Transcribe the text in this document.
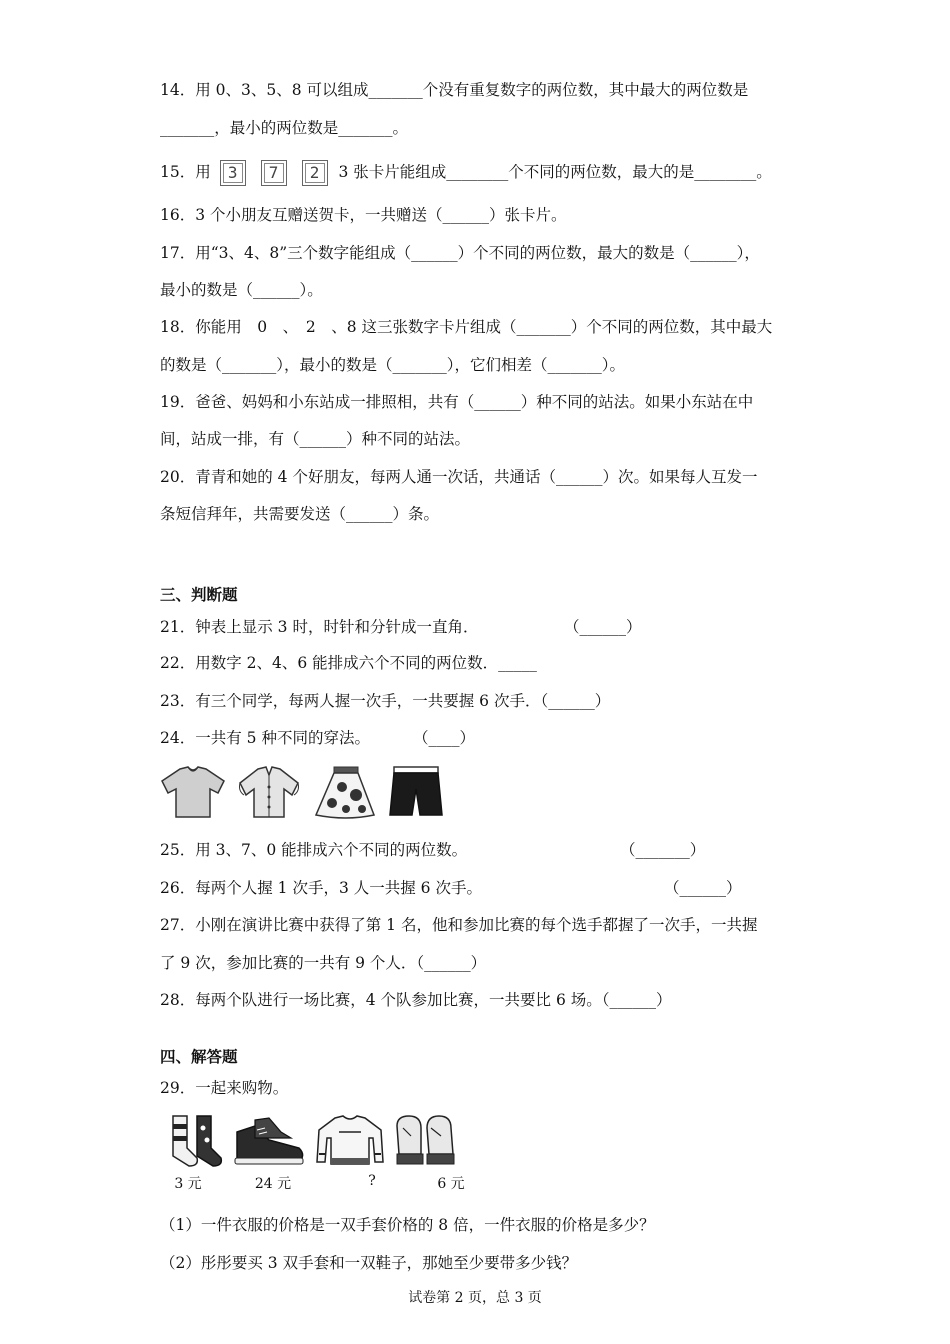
14．用 0、3、5、8 可以组成_______个没有重复数字的两位数，其中最大的两位数是
_______，最小的两位数是_______。
15．用 3 7 2 3 张卡片能组成________个不同的两位数，最大的是________。
16．3 个小朋友互赠送贺卡，一共赠送（______）张卡片。
17．用“3、4、8”三个数字能组成（______）个不同的两位数，最大的数是（______），
最小的数是（______）。
18．你能用　0　、　2　、8 这三张数字卡片组成（_______）个不同的两位数，其中最大
的数是（_______），最小的数是（_______），它们相差（_______）。
19．爸爸、妈妈和小东站成一排照相，共有（______）种不同的站法。如果小东站在中
间，站成一排，有（______）种不同的站法。
20．青青和她的 4 个好朋友，每两人通一次话，共通话（______）次。如果每人互发一
条短信拜年，共需要发送（______）条。
三、判断题
21．钟表上显示 3 时，时针和分针成一直角．	（______）
22．用数字 2、4、6 能排成六个不同的两位数．_____
23．有三个同学，每两人握一次手，一共要握 6 次手．（______）
24．一共有 5 种不同的穿法。	（____）
25．用 3、7、0 能排成六个不同的两位数。	（_______）
26．每两个人握 1 次手，3 人一共握 6 次手。	（______）
27．小刚在演讲比赛中获得了第 1 名，他和参加比赛的每个选手都握了一次手，一共握
了 9 次，参加比赛的一共有 9 个人．（______）
28．每两个队进行一场比赛，4 个队参加比赛，一共要比 6 场。（______）
四、解答题
29．一起来购物。
3 元	24 元	?	6 元
（1）一件衣服的价格是一双手套价格的 8 倍，一件衣服的价格是多少？
（2）彤彤要买 3 双手套和一双鞋子，那她至少要带多少钱？
试卷第 2 页，总 3 页
